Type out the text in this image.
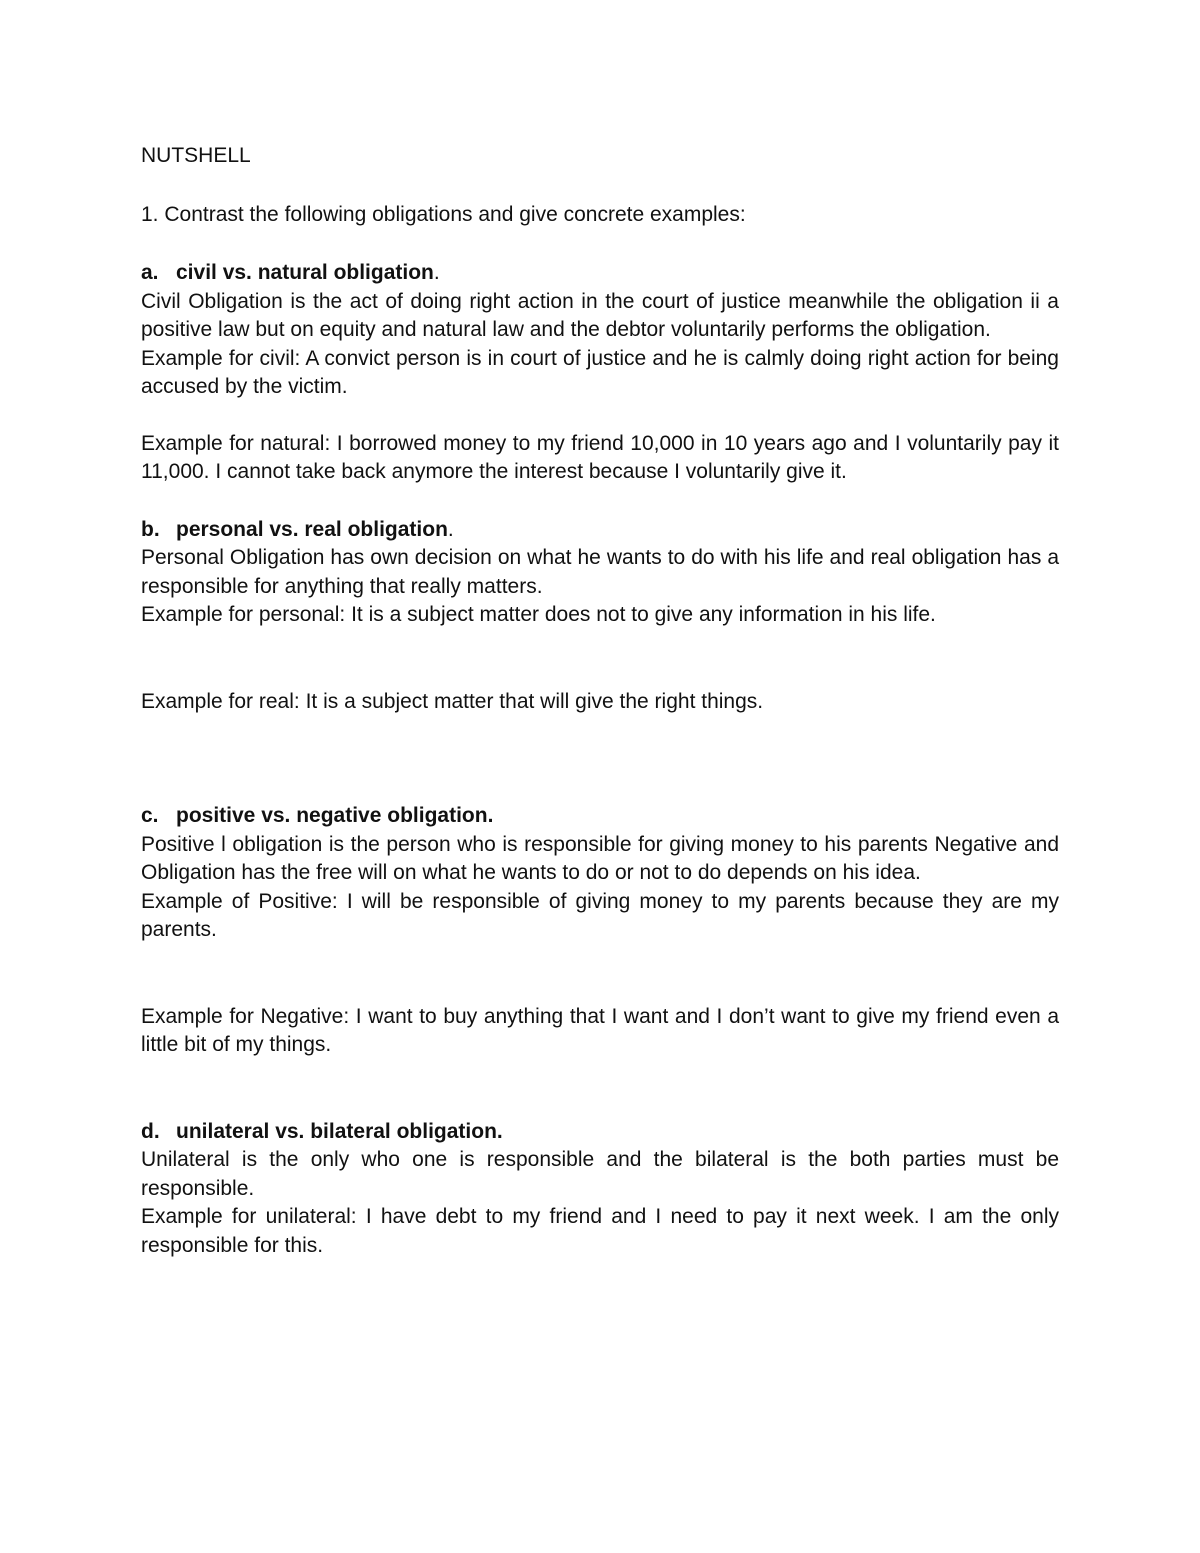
NUTSHELL

1. Contrast the following obligations and give concrete examples:

a. civil vs. natural obligation.

Civil Obligation is the act of doing right action in the court of justice meanwhile the obligation ii a positive law but on equity and natural law and the debtor voluntarily performs the obligation.

Example for civil: A convict person is in court of justice and he is calmly doing right action for being accused by the victim.

Example for natural: I borrowed money to my friend 10,000 in 10 years ago and I voluntarily pay it 11,000. I cannot take back anymore the interest because I voluntarily give it.

b. personal vs. real obligation.

Personal Obligation has own decision on what he wants to do with his life and real obligation has a responsible for anything that really matters.

Example for personal: It is a subject matter does not to give any information in his life.

Example for real: It is a subject matter that will give the right things.

c. positive vs. negative obligation.

Positive l obligation is the person who is responsible for giving money to his parents Negative and Obligation has the free will on what he wants to do or not to do depends on his idea.

Example of Positive: I will be responsible of giving money to my parents because they are my parents.

Example for Negative: I want to buy anything that I want and I don’t want to give my friend even a little bit of my things.

d. unilateral vs. bilateral obligation.

Unilateral is the only who one is responsible and the bilateral is the both parties must be responsible.

Example for unilateral: I have debt to my friend and I need to pay it next week. I am the only responsible for this.
